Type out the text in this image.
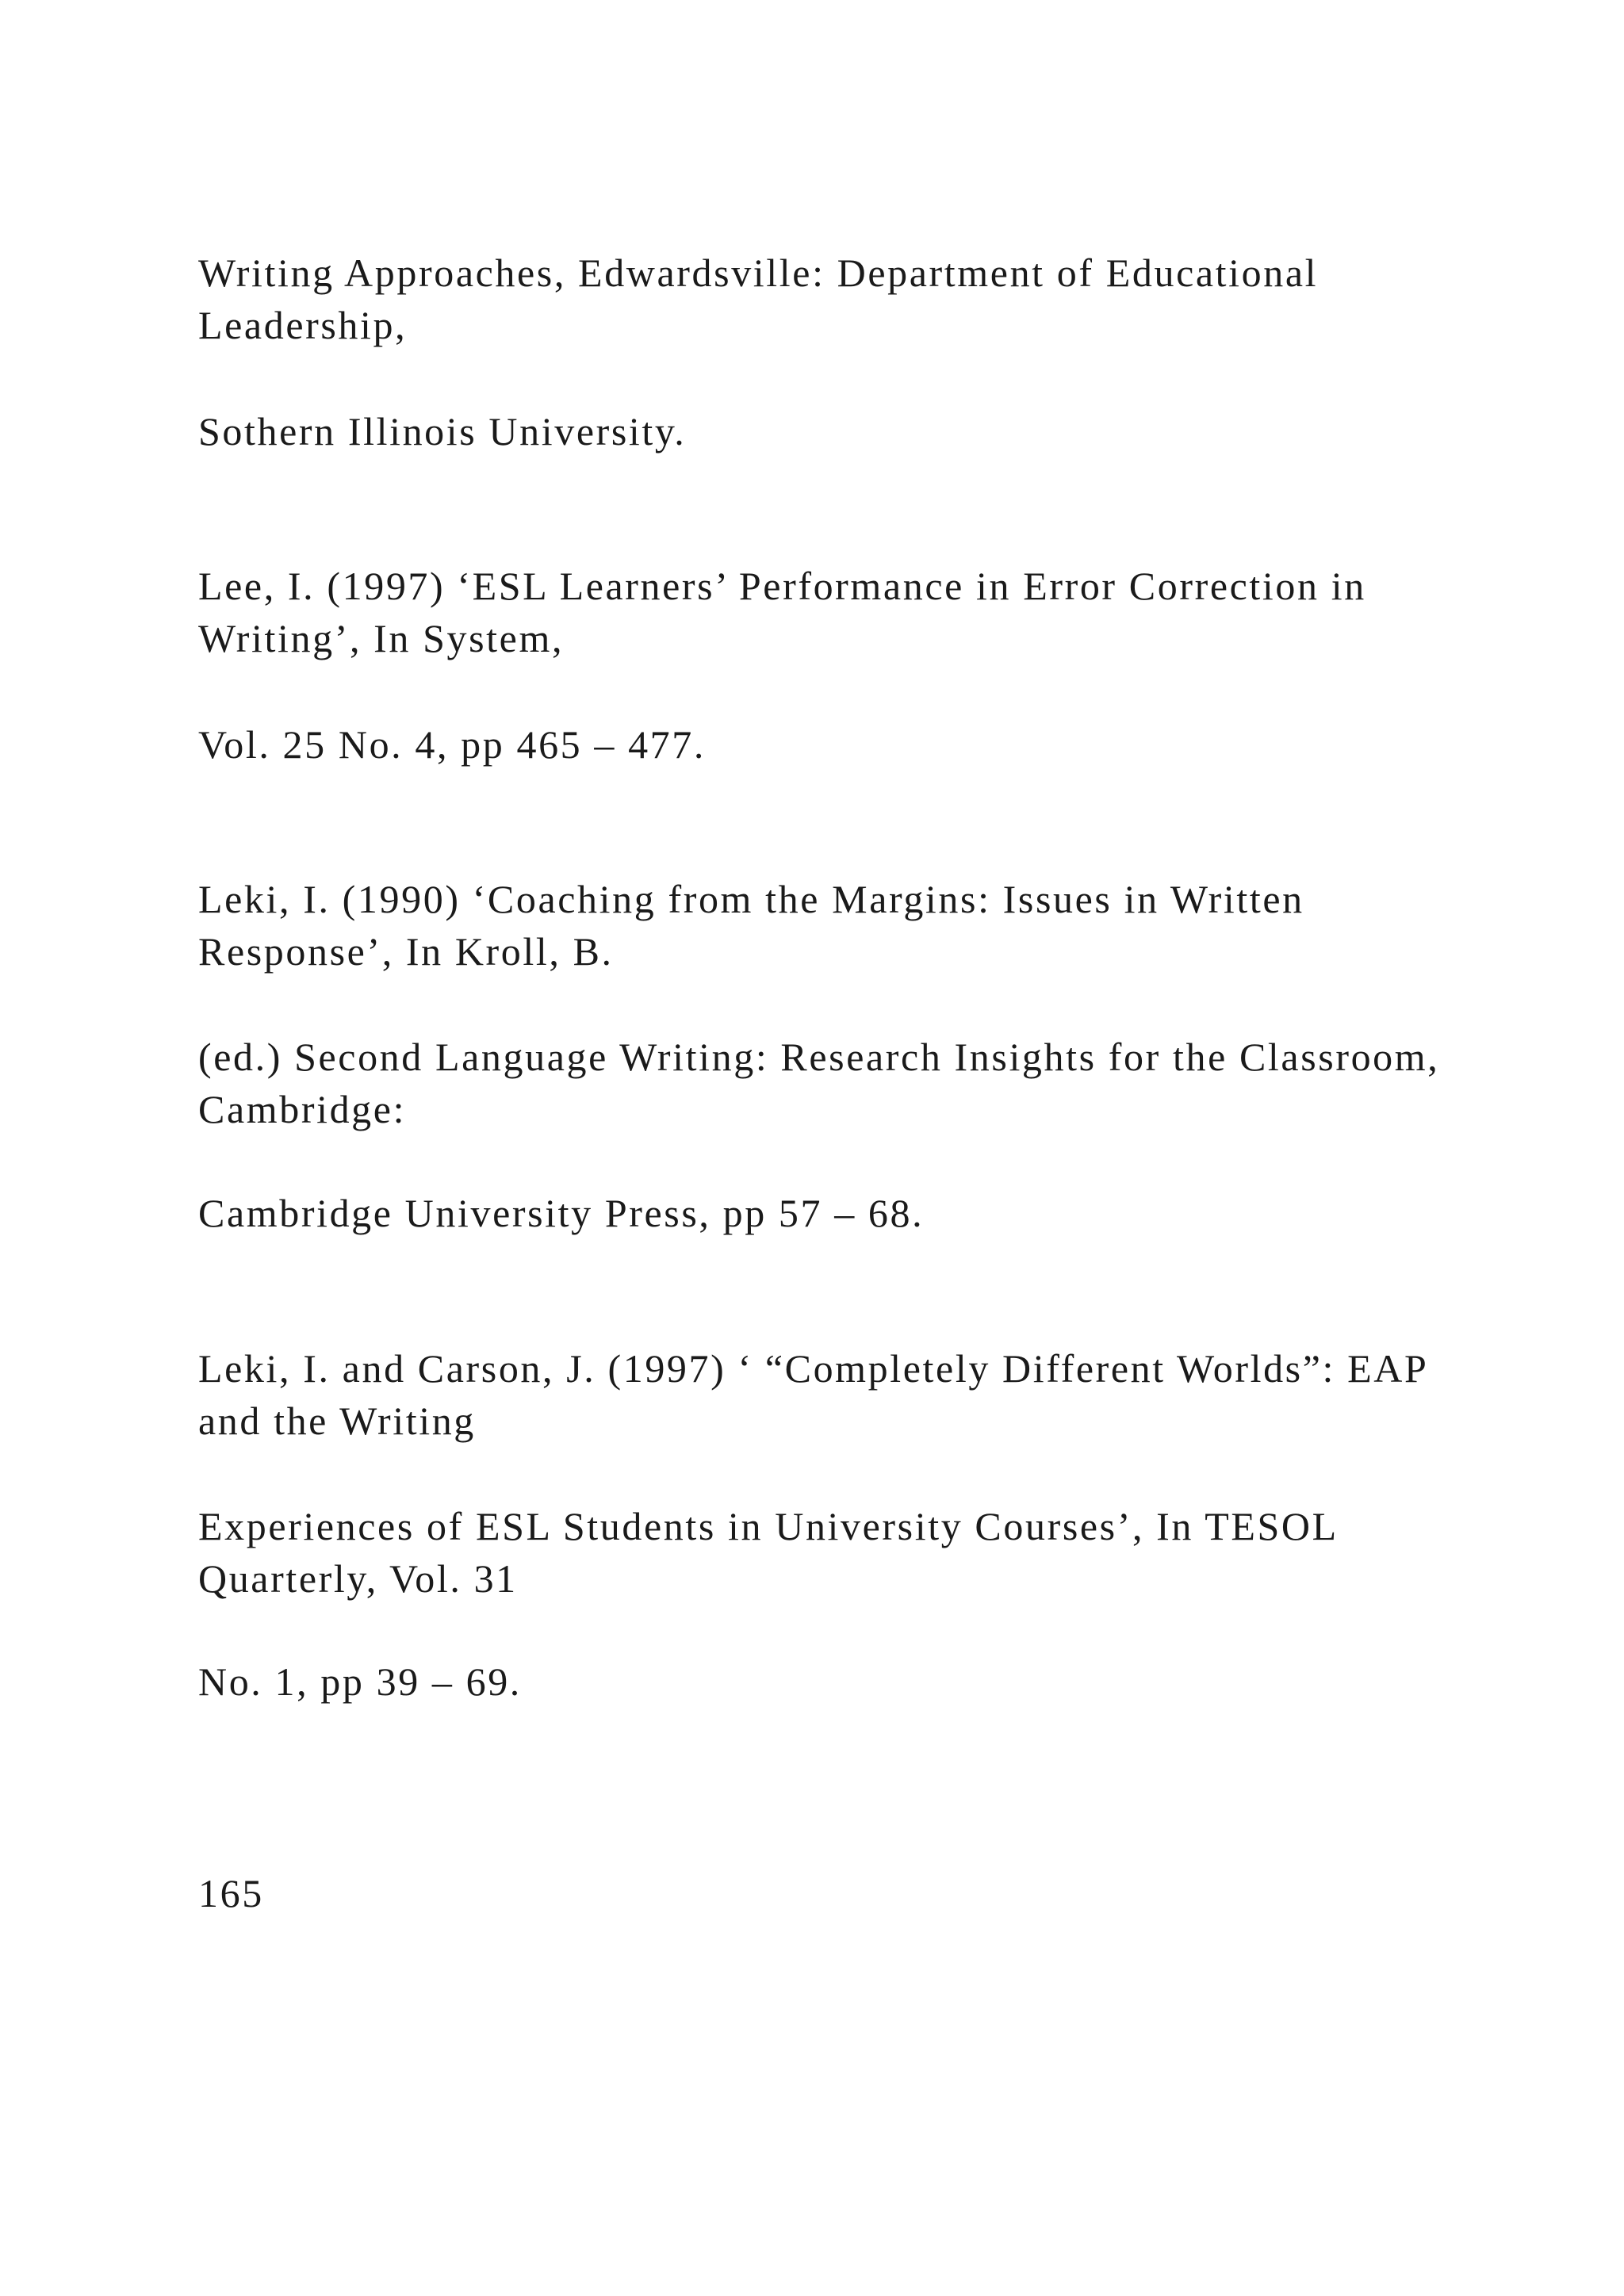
Writing Approaches, Edwardsville: Department of Educational Leadership,

Sothern Illinois University.

Lee, I. (1997) ‘ESL Learners’ Performance in Error Correction in Writing’, In System,

Vol. 25 No. 4, pp 465 – 477.

Leki, I. (1990) ‘Coaching from the Margins: Issues in Written Response’, In Kroll, B.

(ed.) Second Language Writing: Research Insights for the Classroom, Cambridge:

Cambridge University Press, pp 57 – 68.

Leki, I. and Carson, J. (1997) ‘ “Completely Different Worlds”: EAP and the Writing

Experiences of ESL Students in University Courses’, In TESOL Quarterly, Vol. 31

No. 1, pp 39 – 69.

165
